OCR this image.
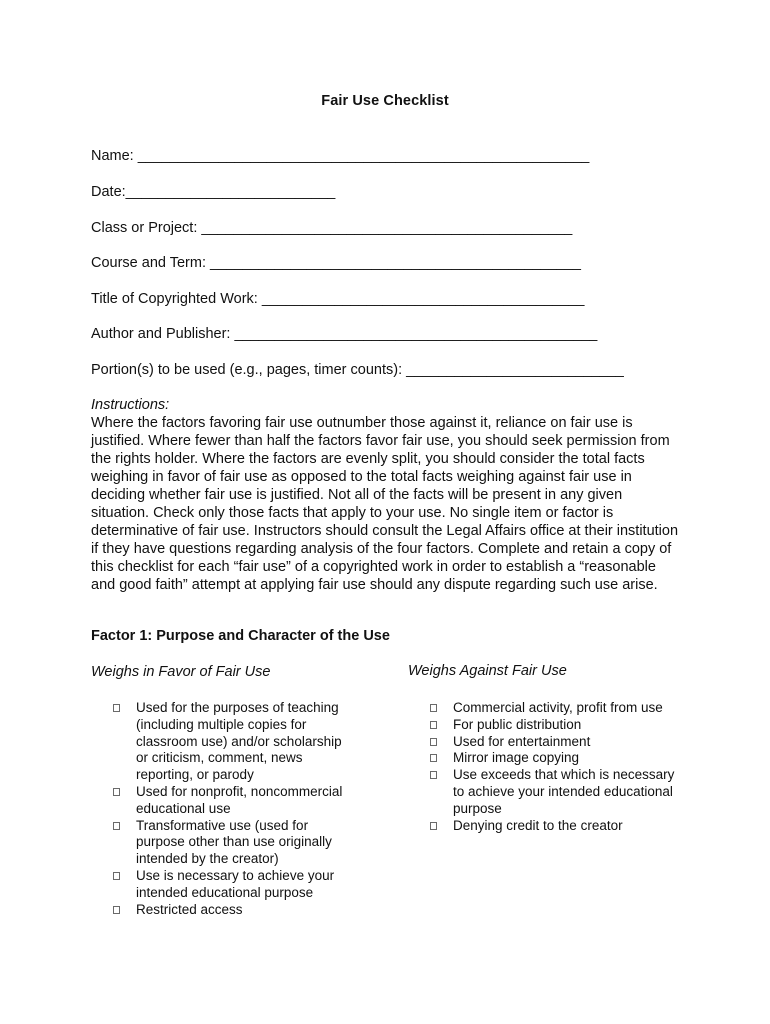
Fair Use Checklist
Name: ________________________________________________________
Date:__________________________
Class or Project: ______________________________________________
Course and Term: ______________________________________________
Title of Copyrighted Work: ________________________________________
Author and Publisher: _____________________________________________
Portion(s) to be used (e.g., pages, timer counts): ___________________________
Instructions:
Where the factors favoring fair use outnumber those against it, reliance on fair use is justified. Where fewer than half the factors favor fair use, you should seek permission from the rights holder. Where the factors are evenly split, you should consider the total facts weighing in favor of fair use as opposed to the total facts weighing against fair use in deciding whether fair use is justified. Not all of the facts will be present in any given situation. Check only those facts that apply to your use. No single item or factor is determinative of fair use. Instructors should consult the Legal Affairs office at their institution if they have questions regarding analysis of the four factors. Complete and retain a copy of this checklist for each “fair use” of a copyrighted work in order to establish a “reasonable and good faith” attempt at applying fair use should any dispute regarding such use arise.
Factor 1: Purpose and Character of the Use
Weighs in Favor of Fair Use	Weighs Against Fair Use
Used for the purposes of teaching (including multiple copies for classroom use) and/or scholarship or criticism, comment, news reporting, or parody
Used for nonprofit, noncommercial educational use
Transformative use (used for purpose other than use originally intended by the creator)
Use is necessary to achieve your intended educational purpose
Restricted access
Commercial activity, profit from use
For public distribution
Used for entertainment
Mirror image copying
Use exceeds that which is necessary to achieve your intended educational purpose
Denying credit to the creator
